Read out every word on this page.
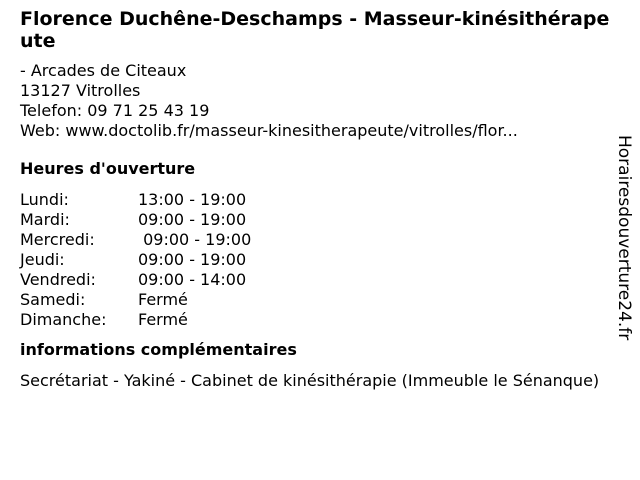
Florence Duchêne-Deschamps - Masseur-kinésithérapeute
- Arcades de Citeaux
13127 Vitrolles
Telefon: 09 71 25 43 19
Web: www.doctolib.fr/masseur-kinesitherapeute/vitrolles/flor...
Heures d'ouverture
Lundi:	13:00 - 19:00
Mardi:	09:00 - 19:00
Mercredi:	09:00 - 19:00
Jeudi:	09:00 - 19:00
Vendredi:	09:00 - 14:00
Samedi:	Fermé
Dimanche:	Fermé
informations complémentaires
Secrétariat - Yakiné - Cabinet de kinésithérapie (Immeuble le Sénanque)
Horairesdouverture24.fr
